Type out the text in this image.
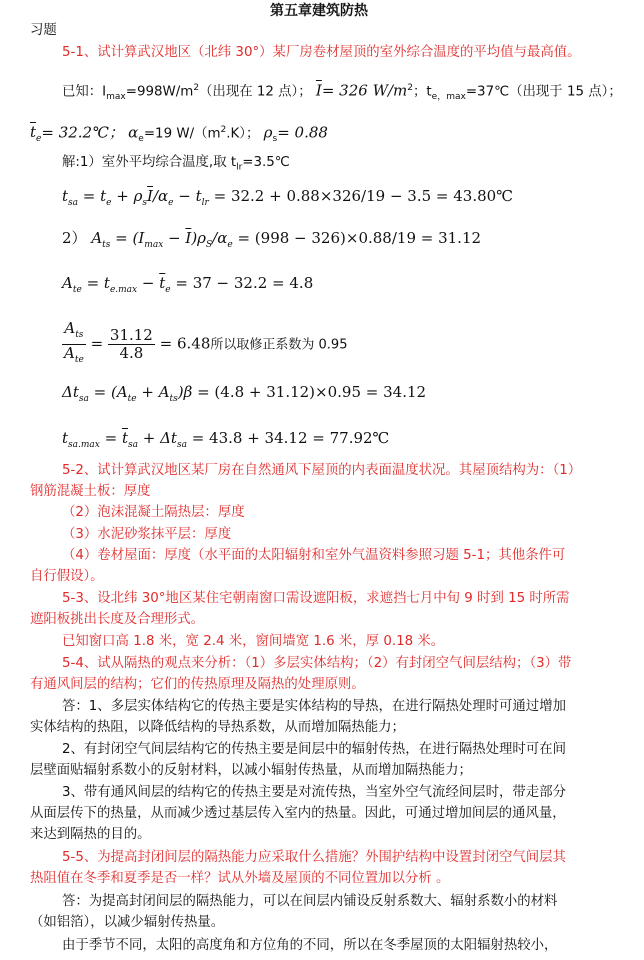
第五章建筑防热
习题
5-1、试计算武汉地区（北纬 30°）某厂房卷材屋顶的室外综合温度的平均值与最高值。
已知：$I_{max}=998W/m^2$（出现在 12 点）； $\overline{I}= 326$ $W/m^2$；$t_{e,max}=37℃$（出现于 15 点）；
$\overline{t}_e=$ 32.2℃； $\alpha_e=19$ $W/(m^2.K)$； $\rho_s= 0.88$
解:1）室外平均综合温度,取 $t_{lr}=3.5℃$
$t_{sa} = t_e + \rho_s\overline{I}/\alpha_e - t_{lr} = 32.2 + 0.88\times 326/19 - 3.5$ = 43.80℃
2） $A_{ts} = (I_{max} - \overline{I})\rho_S/\alpha_e = (998 - 326)\times 0.88/19 = 31.12$
$A_{te} = t_{e.max} - \overline{t}_e = 37 - 32.2 = 4.8$
$\frac{A_{ts}}{A_{te}} = \frac{31.12}{4.8} = 6.48$所以取修正系数为 0.95
$\Delta t_{sa} = (A_{te} + A_{ts})\beta = (4.8 + 31.12)\times 0.95 = 34.12$
$t_{sa.max} = \overline{t}_{sa} + \Delta t_{sa} = 43.8 + 34.12$ = 77.92℃
5-2、试计算武汉地区某厂房在自然通风下屋顶的内表面温度状况。其屋顶结构为：（1）
钢筋混凝土板：厚度
（2）泡沫混凝土隔热层：厚度
（3）水泥砂浆抹平层：厚度
（4）卷材屋面：厚度（水平面的太阳辐射和室外气温资料参照习题 5-1；其他条件可
自行假设）。
5-3、设北纬 30°地区某住宅朝南窗口需设遮阳板，求遮挡七月中旬 9 时到 15 时所需
遮阳板挑出长度及合理形式。
已知窗口高 1.8 米，宽 2.4 米，窗间墙宽 1.6 米，厚 0.18 米。
5-4、试从隔热的观点来分析：（1）多层实体结构；（2）有封闭空气间层结构；（3）带
有通风间层的结构；它们的传热原理及隔热的处理原则。
答：1、多层实体结构它的传热主要是实体结构的导热，在进行隔热处理时可通过增加
实体结构的热阻，以降低结构的导热系数，从而增加隔热能力；
2、有封闭空气间层结构它的传热主要是间层中的辐射传热，在进行隔热处理时可在间
层壁面贴辐射系数小的反射材料，以减小辐射传热量，从而增加隔热能力；
3、带有通风间层的结构它的传热主要是对流传热，当室外空气流经间层时，带走部分
从面层传下的热量，从而减少透过基层传入室内的热量。因此，可通过增加间层的通风量，
来达到隔热的目的。
5-5、为提高封闭间层的隔热能力应采取什么措施？外围护结构中设置封闭空气间层其
热阻值在冬季和夏季是否一样？试从外墙及屋顶的不同位置加以分析 。
答：为提高封闭间层的隔热能力，可以在间层内铺设反射系数大、辐射系数小的材料
（如铝箔），以减少辐射传热量。
由于季节不同，太阳的高度角和方位角的不同，所以在冬季屋顶的太阳辐射热较小，
